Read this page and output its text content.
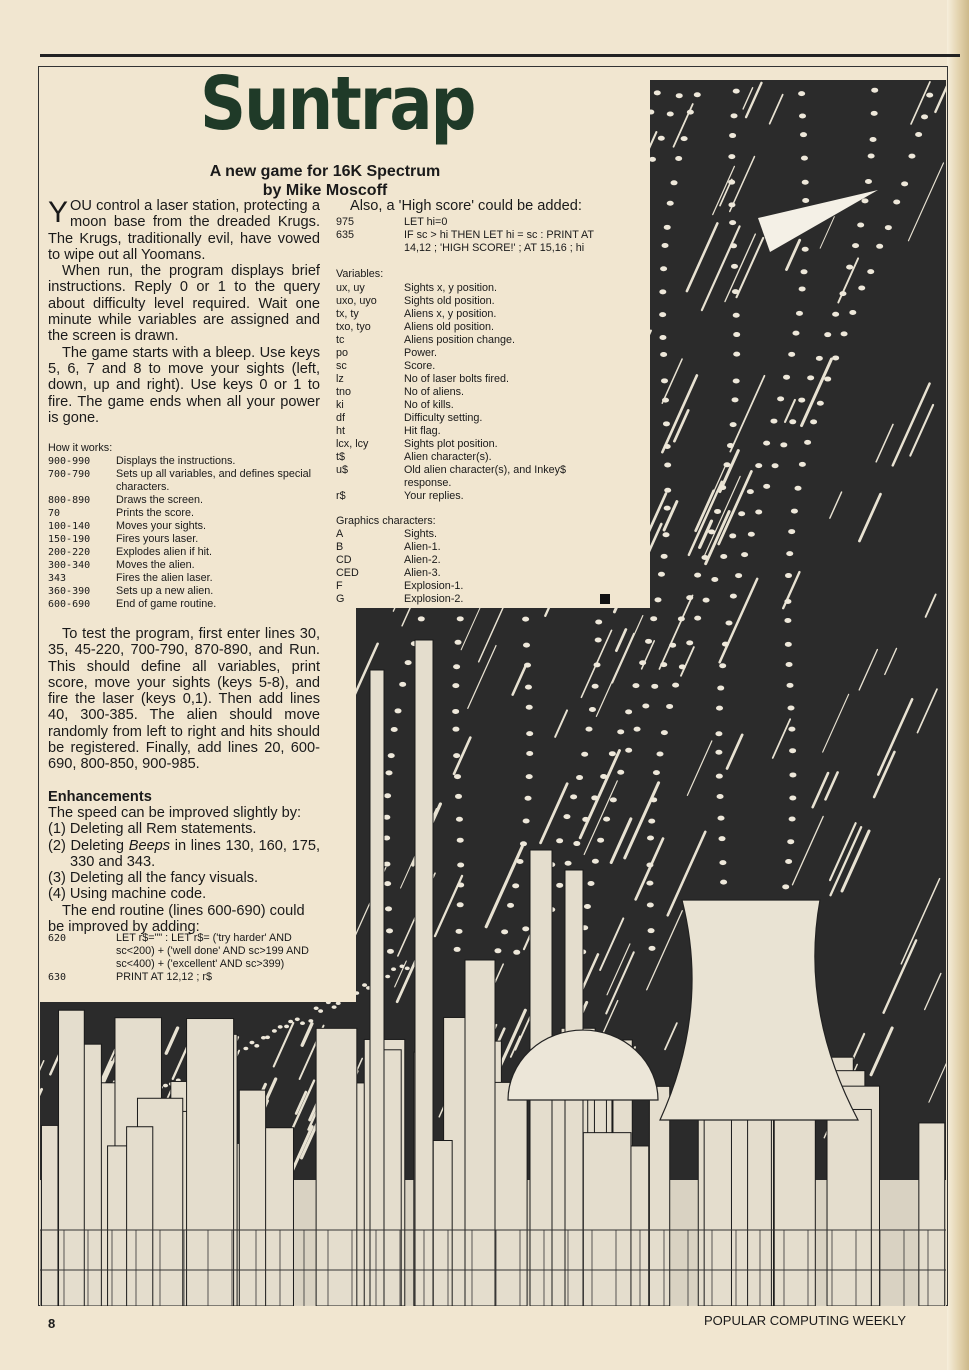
Suntrap
A new game for 16K Spectrum
by Mike Moscoff

YOU control a laser station, protecting a moon base from the dreaded Krugs. The Krugs, traditionally evil, have vowed to wipe out all Yoomans.

When run, the program displays brief instructions. Reply 0 or 1 to the query about difficulty level required. Wait one minute while variables are assigned and the screen is drawn.

The game starts with a bleep. Use keys 5, 6, 7 and 8 to move your sights (left, down, up and right). Use keys 0 or 1 to fire. The game ends when all your power is gone.

How it works:
900-990	Displays the instructions.
700-790	Sets up all variables, and defines special characters.
800-890	Draws the screen.
70	Prints the score.
100-140	Moves your sights.
150-190	Fires yours laser.
200-220	Explodes alien if hit.
300-340	Moves the alien.
343	Fires the alien laser.
360-390	Sets up a new alien.
600-690	End of game routine.

To test the program, first enter lines 30, 35, 45-220, 700-790, 870-890, and Run. This should define all variables, print score, move your sights (keys 5-8), and fire the laser (keys 0,1). Then add lines 40, 300-385. The alien should move randomly from left to right and hits should be registered. Finally, add lines 20, 600-690, 800-850, 900-985.

Enhancements
The speed can be improved slightly by:
(1) Deleting all Rem statements.
(2) Deleting Beeps in lines 130, 160, 175, 330 and 343.
(3) Deleting all the fancy visuals.
(4) Using machine code.

The end routine (lines 600-690) could be improved by adding:

620	LET r$="" : LET r$= ('try harder' AND sc<200) + ('well done' AND sc>199 AND sc<400) + ('excellent' AND sc>399)
630	PRINT AT 12,12 ; r$
Also, a 'High score' could be added:
975	LET hi=0
635	IF sc > hi THEN LET hi = sc : PRINT AT 14,12 ; 'HIGH SCORE!' ; AT 15,16 ; hi
Variables:
ux, uy	Sights x, y position.
uxo, uyo	Sights old position.
tx, ty	Aliens x, y position.
txo, tyo	Aliens old position.
tc	Aliens position change.
po	Power.
sc	Score.
lz	No of laser bolts fired.
tno	No of aliens.
ki	No of kills.
df	Difficulty setting.
ht	Hit flag.
lcx, lcy	Sights plot position.
t$	Alien character(s).
u$	Old alien character(s), and Inkey$ response.
r$	Your replies.
Graphics characters:
A	Sights.
B	Alien-1.
CD	Alien-2.
CED	Alien-3.
F	Explosion-1.
G	Explosion-2.
8	POPULAR COMPUTING WEEKLY
